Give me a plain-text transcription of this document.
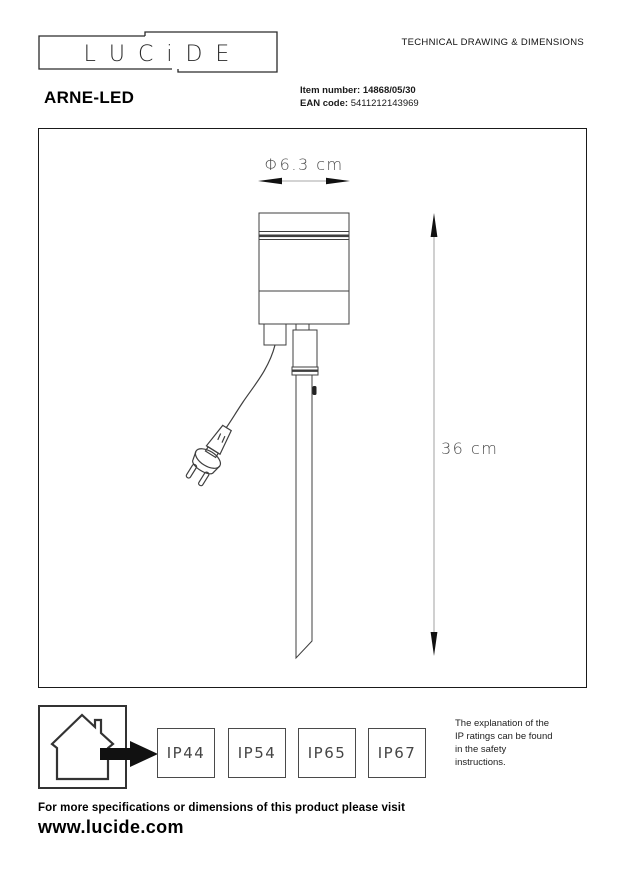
L U C i D E	TECHNICAL DRAWING & DIMENSIONS
ARNE-LED	Item number: 14868/05/30
EAN code: 5411212143969
Φ6.3 cm
36 cm
IP44	IP54	IP65	IP67
The explanation of the
IP ratings can be found
in the safety
instructions.
For more specifications or dimensions of this product please visit
www.lucide.com
